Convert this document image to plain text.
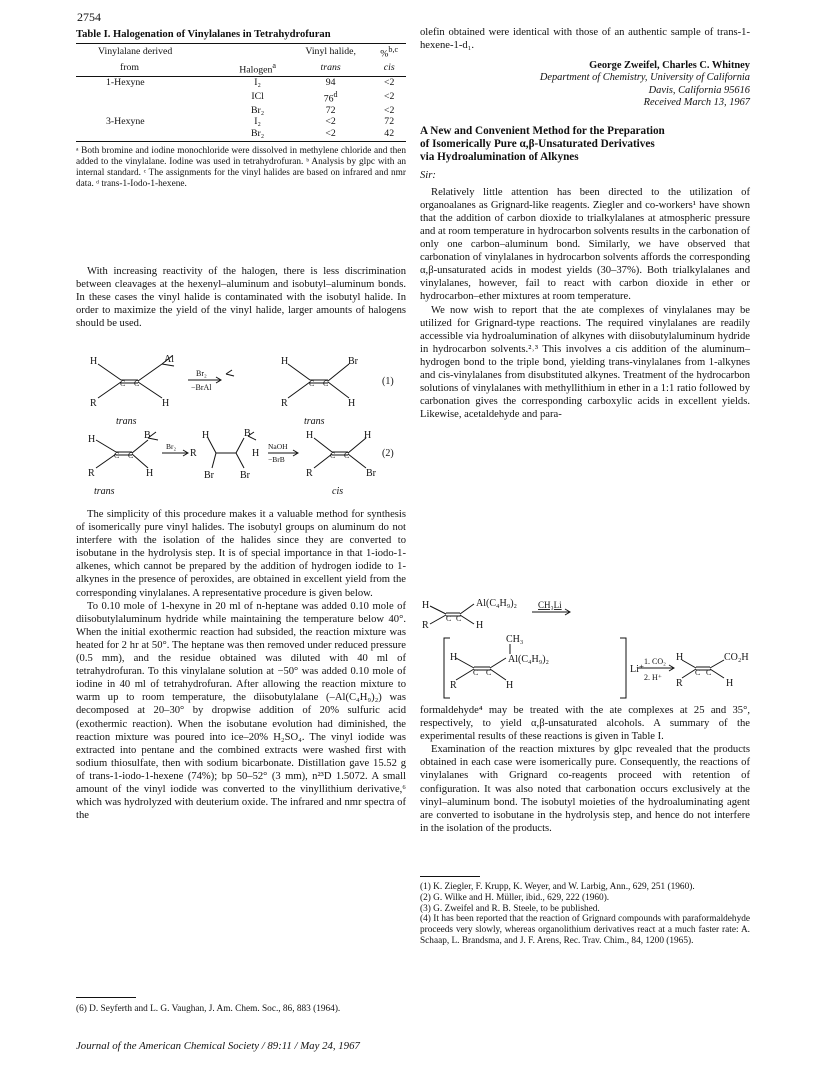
2754
Table I. Halogenation of Vinylalanes in Tetrahydrofuran
Vinylalane derived		Vinyl halide,	%$^{b,c}$
from	Halogen$^a$	trans	cis
1-Hexyne	I₂	94	<2
	ICl	$76^d$	<2
	Br₂	72	<2
3-Hexyne	I₂	<2	72
	Br₂	<2	42
ᵃ Both bromine and iodine monochloride were dissolved in methylene chloride and then added to the vinylalane. Iodine was used in tetrahydrofuran. ᵇ Analysis by glpc with an internal standard. ᶜ The assignments for the vinyl halides are based on infrared and nmr data. ᵈ trans-1-Iodo-1-hexene.

With increasing reactivity of the halogen, there is less discrimination between cleavages at the hexenyl–aluminum and isobutyl–aluminum bonds. In these cases the vinyl halide is contaminated with the isobutyl halide. In order to maximize the yield of the vinyl halide, larger amounts of halogens should be used.

H	Al
C C
R	H
Br₂
−BrAl
H	Br
C C
R	H
(1)
trans	trans
H	B
C C
R	H
Br₂
R
H	B
Br	Br
H
NaOH
−BrB
H	H
C C
R	Br
(2)
trans	cis

The simplicity of this procedure makes it a valuable method for synthesis of isomerically pure vinyl halides. The isobutyl groups on aluminum do not interfere with the isolation of the halides since they are converted to isobutane in the hydrolysis step. It is of special importance in that 1-iodo-1-alkenes, which cannot be prepared by the addition of hydrogen iodide to 1-alkynes in the presence of peroxides, are obtained in excellent yield from the corresponding vinylalanes. A representative procedure is given below.

To 0.10 mole of 1-hexyne in 20 ml of n-heptane was added 0.10 mole of diisobutylaluminum hydride while maintaining the temperature below 40°. When the initial exothermic reaction had subsided, the reaction mixture was heated for 2 hr at 50°. The heptane was then removed under reduced pressure (0.5 mm), and the residue obtained was diluted with 40 ml of tetrahydrofuran. To this vinylalane solution at −50° was added 0.10 mole of iodine in 40 ml of tetrahydrofuran. After allowing the reaction mixture to warm up to room temperature, the diisobutylalane (–Al(C₄H₉)₂) was decomposed at 20–30° by dropwise addition of 20% sulfuric acid (exothermic reaction). When the isobutane evolution had diminished, the reaction mixture was poured into ice–20% H₂SO₄. The vinyl iodide was extracted into pentane and the combined extracts were washed first with sodium thiosulfate, then with sodium bicarbonate. Distillation gave 15.52 g of trans-1-iodo-1-hexene (74%); bp 50–52° (3 mm), n²³D 1.5072. A small amount of the vinyl iodide was converted to the vinyllithium derivative,⁶ which was hydrolyzed with deuterium oxide. The infrared and nmr spectra of the

(6) D. Seyferth and L. G. Vaughan, J. Am. Chem. Soc., 86, 883 (1964).

olefin obtained were identical with those of an authentic sample of trans-1-hexene-1-d₁.

George Zweifel, Charles C. Whitney
Department of Chemistry, University of California
Davis, California 95616
Received March 13, 1967
A New and Convenient Method for the Preparation
of Isomerically Pure α,β-Unsaturated Derivatives
via Hydroalumination of Alkynes
Sir:

Relatively little attention has been directed to the utilization of organoalanes as Grignard-like reagents. Ziegler and co-workers¹ have shown that the addition of carbon dioxide to trialkylalanes at atmospheric pressure and at room temperature in hydrocarbon solvents results in the carbonation of only one carbon–aluminum bond. Similarly, we have observed that carbonation of vinylalanes in hydrocarbon solvents affords the corresponding α,β-unsaturated acids in modest yields (30–37%). Both trialkylalanes and vinylalanes, however, fail to react with carbon dioxide in ether or hydrocarbon–ether mixtures at room temperature.

We now wish to report that the ate complexes of vinylalanes may be utilized for Grignard-type reactions. The required vinylalanes are readily accessible via hydroalumination of alkynes with diisobutylaluminum hydride in hydrocarbon solvents.²˒³ This involves a cis addition of the aluminum–hydrogen bond to the triple bond, yielding trans-vinylalanes from 1-alkynes and cis-vinylalanes from disubstituted alkynes. Treatment of the hydrocarbon solutions of vinylalanes with methyllithium in ether in a 1:1 ratio followed by carbonation gives the corresponding carboxylic acids in excellent yields. Likewise, acetaldehyde and para-

H
C C
Al(C₄H₉)₂ CH₃Li
R	H
CH₃
H	Al(C₄H₉)₂
C C
R	H
Li⁺
1. CO₂
2. H⁺
H
C C
CO₂H
R	H

formaldehyde⁴ may be treated with the ate complexes at 25 and 35°, respectively, to yield α,β-unsaturated alcohols. A summary of the experimental results of these reactions is given in Table I.

Examination of the reaction mixtures by glpc revealed that the products obtained in each case were isomerically pure. Consequently, the reactions of vinylalanes with Grignard co-reagents proceed with retention of configuration. It was also noted that carbonation occurs exclusively at the vinyl–aluminum bond. The isobutyl moieties of the hydroaluminating agent are converted to isobutane in the hydrolysis step, and hence do not interfere in the isolation of the products.

(1) K. Ziegler, F. Krupp, K. Weyer, and W. Larbig, Ann., 629, 251 (1960).
(2) G. Wilke and H. Müller, ibid., 629, 222 (1960).
(3) G. Zweifel and R. B. Steele, to be published.
(4) It has been reported that the reaction of Grignard compounds with paraformaldehyde proceeds very slowly, whereas organolithium derivatives react at a much faster rate: A. Schaap, L. Brandsma, and J. F. Arens, Rec. Trav. Chim., 84, 1200 (1965).
Journal of the American Chemical Society / 89:11 / May 24, 1967
